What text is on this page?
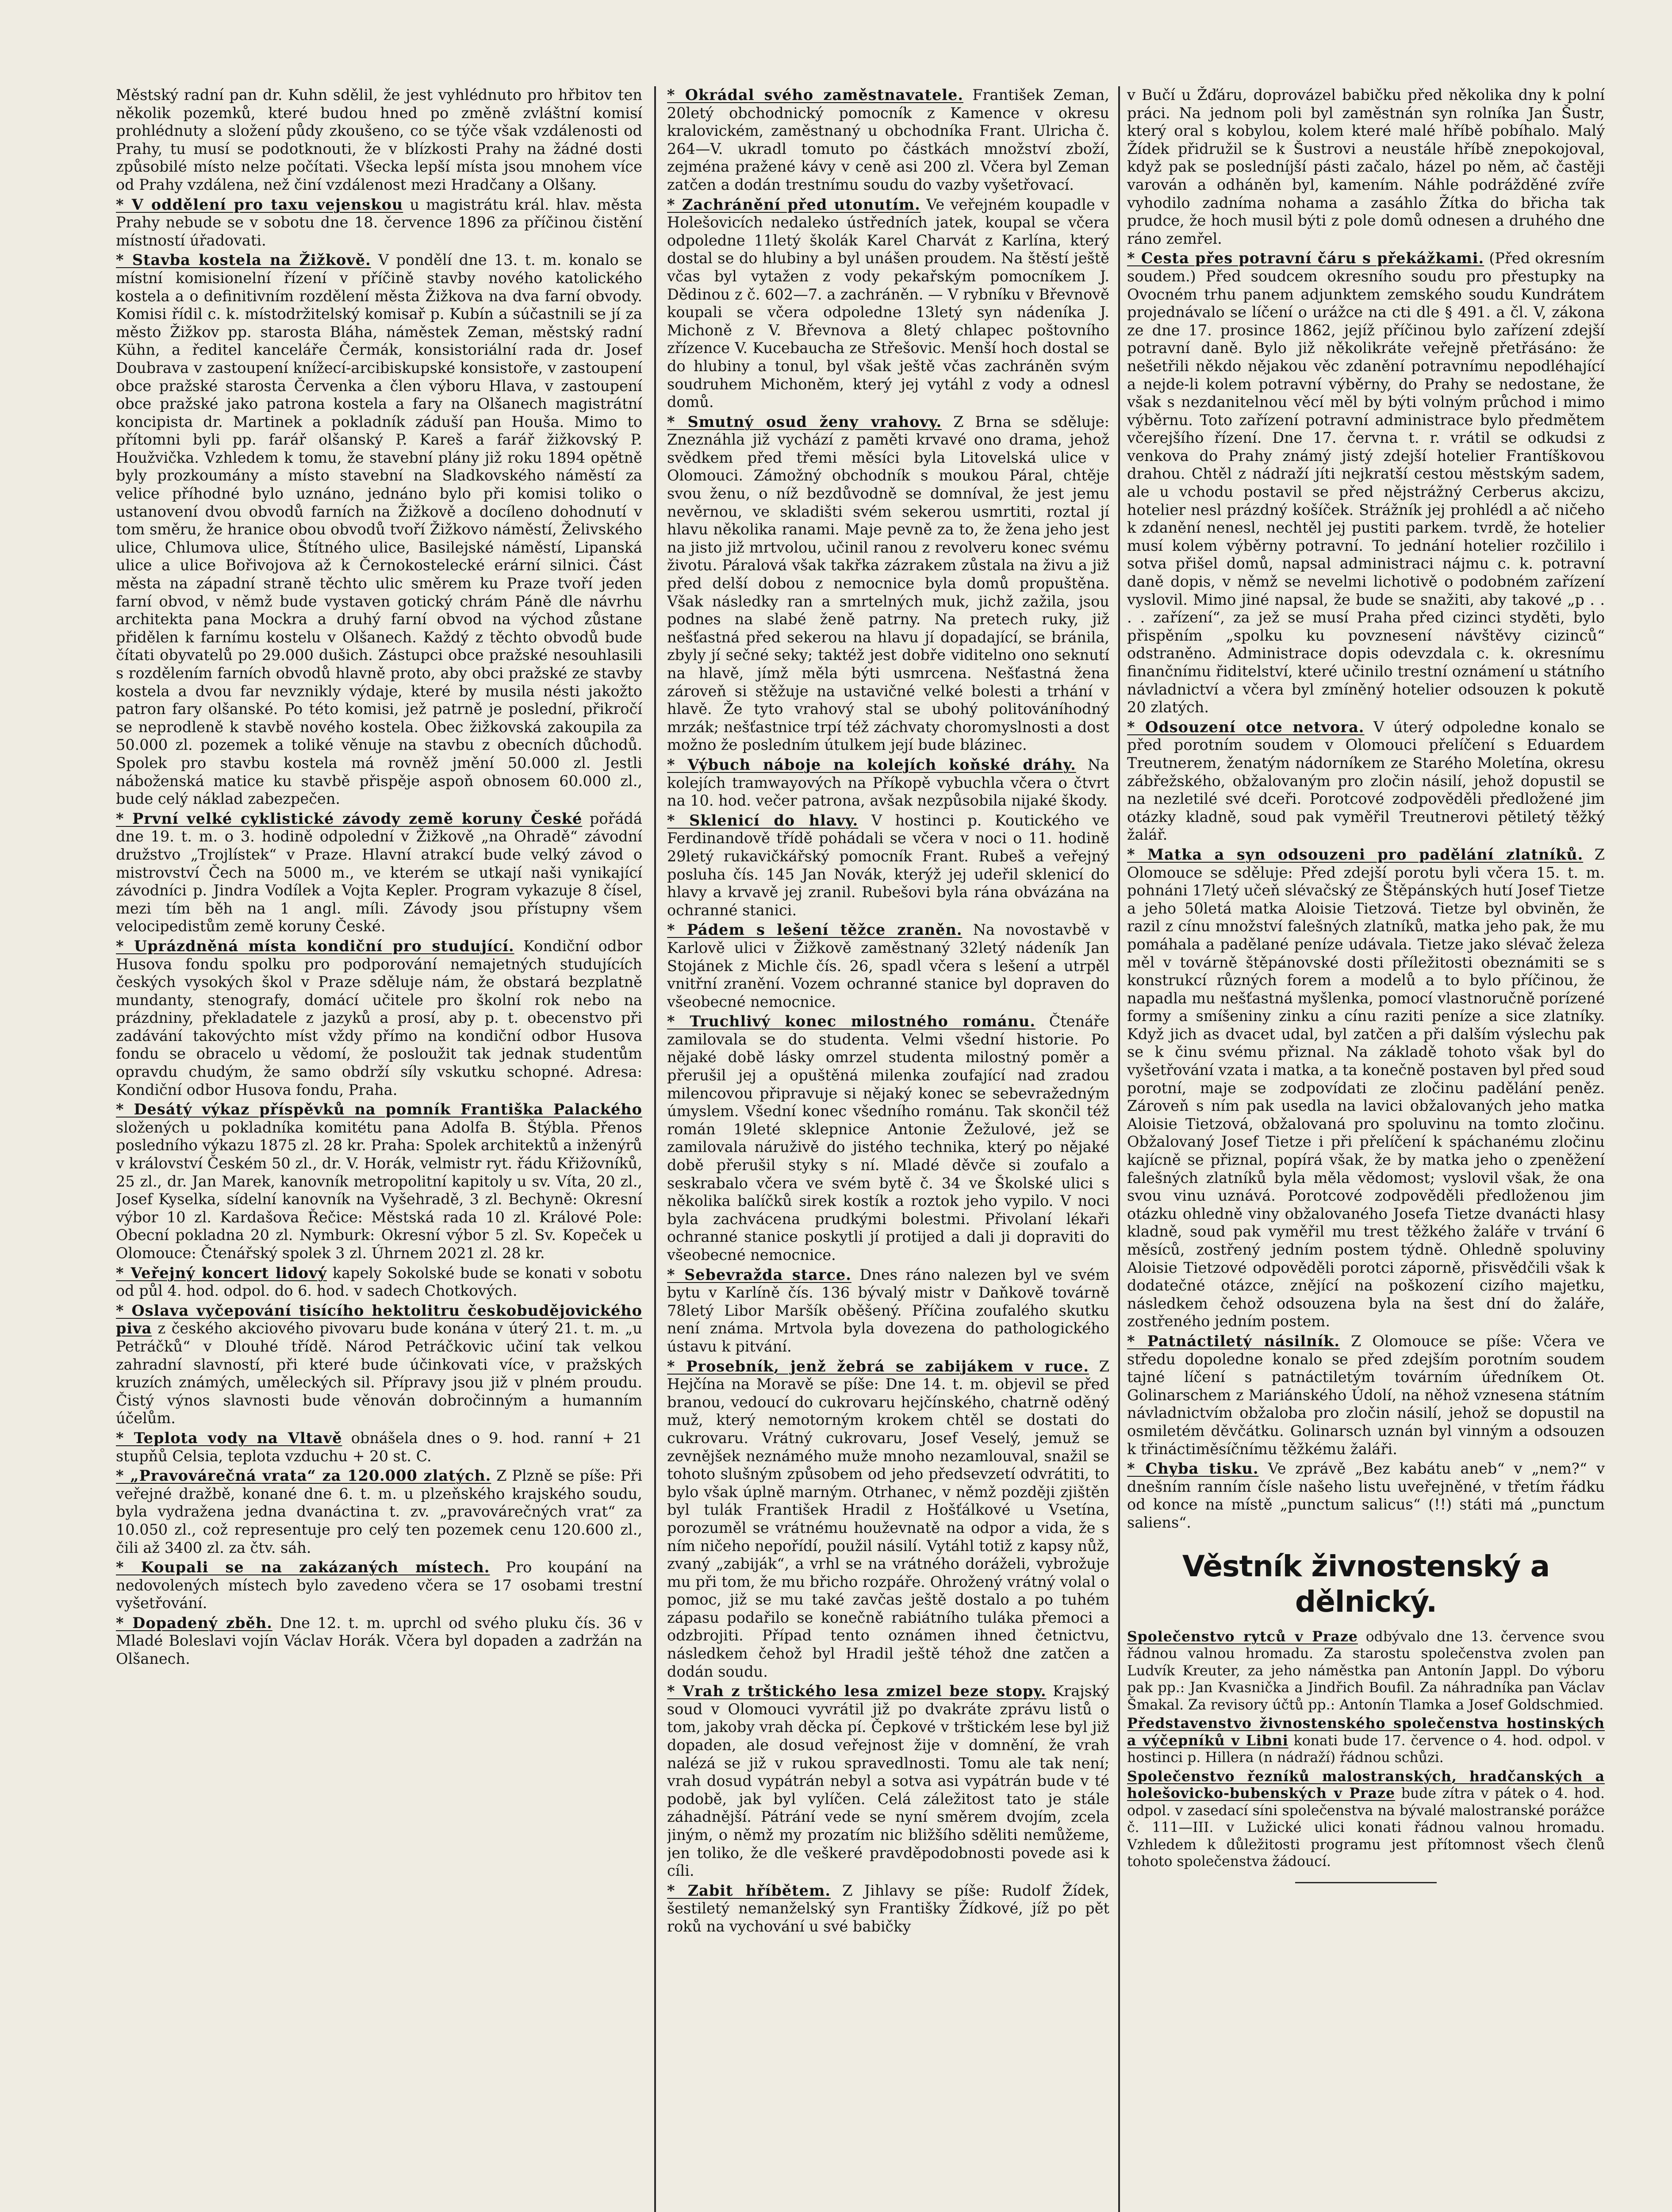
Městský radní pan dr. Kuhn sdělil, že jest vyhlédnuto pro hřbitov ten několik pozemků, které budou hned po změně zvláštní komisí prohlédnuty a složení půdy zkoušeno, co se týče však vzdálenosti od Prahy, tu musí se podotknouti, že v blízkosti Prahy na žádné dosti způsobilé místo nelze počítati. Všecka lepší místa jsou mnohem více od Prahy vzdálena, než činí vzdálenost mezi Hradčany a Olšany.

* V oddělení pro taxu vejenskou u magistrátu král. hlav. města Prahy nebude se v sobotu dne 18. července 1896 za příčinou čistění místností úřadovati.

* Stavba kostela na Žižkově. V pondělí dne 13. t. m. konalo se místní komisionelní řízení v příčině stavby nového katolického kostela a o definitivním rozdělení města Žižkova na dva farní obvody. Komisi řídil c. k. místodržitelský komisař p. Kubín a súčastnili se jí za město Žižkov pp. starosta Bláha, náměstek Zeman, městský radní Kühn, a ředitel kanceláře Čermák, konsistoriální rada dr. Josef Doubrava v zastoupení knížecí-arcibiskupské konsistoře, v zastoupení obce pražské starosta Červenka a člen výboru Hlava, v zastoupení obce pražské jako patrona kostela a fary na Olšanech magistrátní koncipista dr. Martinek a pokladník záduší pan Houša. Mimo to přítomni byli pp. farář olšanský P. Kareš a farář žižkovský P. Houžvička. Vzhledem k tomu, že stavební plány již roku 1894 opětně byly prozkoumány a místo stavební na Sladkovského náměstí za velice příhodné bylo uznáno, jednáno bylo při komisi toliko o ustanovení dvou obvodů farních na Žižkově a docíleno dohodnutí v tom směru, že hranice obou obvodů tvoří Žižkovo náměstí, Želivského ulice, Chlumova ulice, Štítného ulice, Basilejské náměstí, Lipanská ulice a ulice Bořivojova až k Černokostelecké erární silnici. Část města na západní straně těchto ulic směrem ku Praze tvoří jeden farní obvod, v němž bude vystaven gotický chrám Páně dle návrhu architekta pana Mockra a druhý farní obvod na východ zůstane přidělen k farnímu kostelu v Olšanech. Každý z těchto obvodů bude čítati obyvatelů po 29.000 dušich. Zástupci obce pražské nesouhlasili s rozdělením farních obvodů hlavně proto, aby obci pražské ze stavby kostela a dvou far nevznikly výdaje, které by musila nésti jakožto patron fary olšanské. Po této komisi, jež patrně je poslední, přikročí se neprodleně k stavbě nového kostela. Obec žižkovská zakoupila za 50.000 zl. pozemek a toliké věnuje na stavbu z obecních důchodů. Spolek pro stavbu kostela má rovněž jmění 50.000 zl. Jestli náboženská matice ku stavbě přispěje aspoň obnosem 60.000 zl., bude celý náklad zabezpečen.

* První velké cyklistické závody země koruny České pořádá dne 19. t. m. o 3. hodině odpolední v Žižkově „na Ohradě“ závodní družstvo „Trojlístek“ v Praze. Hlavní atrakcí bude velký závod o mistrovství Čech na 5000 m., ve kterém se utkají naši vynikající závodníci p. Jindra Vodílek a Vojta Kepler. Program vykazuje 8 čísel, mezi tím běh na 1 angl. míli. Závody jsou přístupny všem velocipedistům země koruny České.

* Uprázdněná místa kondiční pro studující. Kondiční odbor Husova fondu spolku pro podporování nemajetných studujících českých vysokých škol v Praze sděluje nám, že obstará bezplatně mundanty, stenografy, domácí učitele pro školní rok nebo na prázdniny, překladatele z jazyků a prosí, aby p. t. obecenstvo při zadávání takovýchto míst vždy přímo na kondiční odbor Husova fondu se obracelo u vědomí, že posloužit tak jednak studentům opravdu chudým, že samo obdrží síly vskutku schopné. Adresa: Kondiční odbor Husova fondu, Praha.

* Desátý výkaz příspěvků na pomník Františka Palackého složených u pokladníka komitétu pana Adolfa B. Štýbla. Přenos posledního výkazu 1875 zl. 28 kr. Praha: Spolek architektů a inženýrů v království Českém 50 zl., dr. V. Horák, velmistr ryt. řádu Křižovníků, 25 zl., dr. Jan Marek, kanovník metropolitní kapitoly u sv. Víta, 20 zl., Josef Kyselka, sídelní kanovník na Vyšehradě, 3 zl. Bechyně: Okresní výbor 10 zl. Kardašova Řečice: Městská rada 10 zl. Králové Pole: Obecní pokladna 20 zl. Nymburk: Okresní výbor 5 zl. Sv. Kopeček u Olomouce: Čtenářský spolek 3 zl. Úhrnem 2021 zl. 28 kr.

* Veřejný koncert lidový kapely Sokolské bude se konati v sobotu od půl 4. hod. odpol. do 6. hod. v sadech Chotkových.

* Oslava vyčepování tisícího hektolitru českobudějovického piva z českého akciového pivovaru bude konána v úterý 21. t. m. „u Petráčků“ v Dlouhé třídě. Národ Petráčkovic učiní tak velkou zahradní slavností, při které bude účinkovati více, v pražských kruzích známých, uměleckých sil. Přípravy jsou již v plném proudu. Čistý výnos slavnosti bude věnován dobročinným a humanním účelům.

* Teplota vody na Vltavě obnášela dnes o 9. hod. ranní + 21 stupňů Celsia, teplota vzduchu + 20 st. C.

* „Pravovárečná vrata“ za 120.000 zlatých. Z Plzně se píše: Při veřejné dražbě, konané dne 6. t. m. u plzeňského krajského soudu, byla vydražena jedna dvanáctina t. zv. „pravovárečných vrat“ za 10.050 zl., což representuje pro celý ten pozemek cenu 120.600 zl., čili až 3400 zl. za čtv. sáh.

* Koupali se na zakázaných místech. Pro koupání na nedovolených místech bylo zavedeno včera se 17 osobami trestní vyšetřování.

* Dopadený zběh. Dne 12. t. m. uprchl od svého pluku čís. 36 v Mladé Boleslavi vojín Václav Horák. Včera byl dopaden a zadržán na Olšanech.

* Okrádal svého zaměstnavatele. František Zeman, 20letý obchodnický pomocník z Kamence v okresu kralovickém, zaměstnaný u obchodníka Frant. Ulricha č. 264—V. ukradl tomuto po částkách množství zboží, zejména pražené kávy v ceně asi 200 zl. Včera byl Zeman zatčen a dodán trestnímu soudu do vazby vyšetřovací.

* Zachránění před utonutím. Ve veřejném koupadle v Holešovicích nedaleko ústředních jatek, koupal se včera odpoledne 11letý školák Karel Charvát z Karlína, který dostal se do hlubiny a byl unášen proudem. Na štěstí ještě včas byl vytažen z vody pekařským pomocníkem J. Dědinou z č. 602—7. a zachráněn. — V rybníku v Břevnově koupali se včera odpoledne 13letý syn nádeníka J. Michoně z V. Břevnova a 8letý chlapec poštovního zřízence V. Kucebaucha ze Střešovic. Menší hoch dostal se do hlubiny a tonul, byl však ještě včas zachráněn svým soudruhem Michoněm, který jej vytáhl z vody a odnesl domů.

* Smutný osud ženy vrahovy. Z Brna se sděluje: Zneznáhla již vychází z paměti krvavé ono drama, jehož svědkem před třemi měsíci byla Litovelská ulice v Olomouci. Zámožný obchodník s moukou Páral, chtěje svou ženu, o níž bezdůvodně se domníval, že jest jemu nevěrnou, ve skladišti svém sekerou usmrtiti, roztal jí hlavu několika ranami. Maje pevně za to, že žena jeho jest na jisto již mrtvolou, učinil ranou z revolveru konec svému životu. Páralová však takřka zázrakem zůstala na živu a již před delší dobou z nemocnice byla domů propuštěna. Však následky ran a smrtelných muk, jichž zažila, jsou podnes na slabé ženě patrny. Na pretech ruky, již nešťastná před sekerou na hlavu jí dopadající, se bránila, zbyly jí sečné seky; taktéž jest dobře viditelno ono seknutí na hlavě, jímž měla býti usmrcena. Nešťastná žena zároveň si stěžuje na ustavičné velké bolesti a trhání v hlavě. Že tyto vrahový stal se ubohý politováníhodný mrzák; nešťastnice trpí též záchvaty choromyslnosti a dost možno že posledním útulkem její bude blázinec.

* Výbuch náboje na kolejích koňské dráhy. Na kolejích tramwayových na Příkopě vybuchla včera o čtvrt na 10. hod. večer patrona, avšak nezpůsobila nijaké škody.

* Sklenicí do hlavy. V hostinci p. Koutického ve Ferdinandově třídě pohádali se včera v noci o 11. hodině 29letý rukavičkářský pomocník Frant. Rubeš a veřejný posluha čís. 145 Jan Novák, kterýž jej udeřil sklenicí do hlavy a krvavě jej zranil. Rubešovi byla rána obvázána na ochranné stanici.

* Pádem s lešení těžce zraněn. Na novostavbě v Karlově ulici v Žižkově zaměstnaný 32letý nádeník Jan Stojánek z Michle čís. 26, spadl včera s lešení a utrpěl vnitřní zranění. Vozem ochranné stanice byl dopraven do všeobecné nemocnice.

* Truchlivý konec milostného románu. Čtenáře zamilovala se do studenta. Velmi všední historie. Po nějaké době lásky omrzel studenta milostný poměr a přerušil jej a opuštěná milenka zoufající nad zradou milencovou připravuje si nějaký konec se sebevražedným úmyslem. Všední konec všedního románu. Tak skončil též román 19leté sklepnice Antonie Žežulové, jež se zamilovala náruživě do jistého technika, který po nějaké době přerušil styky s ní. Mladé děvče si zoufalo a seskrabalo včera ve svém bytě č. 34 ve Školské ulici s několika balíčků sirek kostík a roztok jeho vypilo. V noci byla zachvácena prudkými bolestmi. Přivolaní lékaři ochranné stanice poskytli jí protijed a dali ji dopraviti do všeobecné nemocnice.

* Sebevražda starce. Dnes ráno nalezen byl ve svém bytu v Karlíně čís. 136 bývalý mistr v Daňkově továrně 78letý Libor Maršík oběšený. Příčina zoufalého skutku není známa. Mrtvola byla dovezena do pathologického ústavu k pitvání.

* Prosebník, jenž žebrá se zabijákem v ruce. Z Hejčína na Moravě se píše: Dne 14. t. m. objevil se před branou, vedoucí do cukrovaru hejčínského, chatrně oděný muž, který nemotorným krokem chtěl se dostati do cukrovaru. Vrátný cukrovaru, Josef Veselý, jemuž se zevnějšek neznámého muže mnoho nezamlouval, snažil se tohoto slušným způsobem od jeho předsevzetí odvrátiti, to bylo však úplně marným. Otrhanec, v němž později zjištěn byl tulák František Hradil z Hošťálkové u Vsetína, porozuměl se vrátnému houževnatě na odpor a vida, že s ním ničeho nepořídí, použil násilí. Vytáhl totiž z kapsy nůž, zvaný „zabiják“, a vrhl se na vrátného doráželi, vybrožuje mu při tom, že mu břicho rozpáře. Ohrožený vrátný volal o pomoc, již se mu také zavčas ještě dostalo a po tuhém zápasu podařilo se konečně rabiátního tuláka přemoci a odzbrojiti. Případ tento oznámen ihned četnictvu, následkem čehož byl Hradil ještě téhož dne zatčen a dodán soudu.

* Vrah z trštického lesa zmizel beze stopy. Krajský soud v Olomouci vyvrátil již po dvakráte zprávu listů o tom, jakoby vrah děcka pí. Čepkové v trštickém lese byl již dopaden, ale dosud veřejnost žije v domnění, že vrah nalézá se již v rukou spravedlnosti. Tomu ale tak není; vrah dosud vypátrán nebyl a sotva asi vypátrán bude v té podobě, jak byl vylíčen. Celá záležitost tato je stále záhadnější. Pátrání vede se nyní směrem dvojím, zcela jiným, o němž my prozatím nic bližšího sděliti nemůžeme, jen toliko, že dle veškeré pravděpodobnosti povede asi k cíli.

* Zabit hříbětem. Z Jihlavy se píše: Rudolf Žídek, šestiletý nemanželský syn Františky Žídkové, jíž po pět roků na vychování u své babičky

v Bučí u Žďáru, doprovázel babičku před několika dny k polní práci. Na jednom poli byl zaměstnán syn rolníka Jan Šustr, který oral s kobylou, kolem které malé hříbě pobíhalo. Malý Žídek přidružil se k Šustrovi a neustále hříbě znepokojoval, když pak se posledníjší pásti začalo, házel po něm, ač častěji varován a odháněn byl, kamením. Náhle podrážděné zvíře vyhodilo zadníma nohama a zasáhlo Žítka do břicha tak prudce, že hoch musil býti z pole domů odnesen a druhého dne ráno zemřel.

* Cesta přes potravní čáru s překážkami. (Před okresním soudem.) Před soudcem okresního soudu pro přestupky na Ovocném trhu panem adjunktem zemského soudu Kundrátem projednávalo se líčení o urážce na cti dle § 491. a čl. V, zákona ze dne 17. prosince 1862, jejíž příčinou bylo zařízení zdejší potravní daně. Bylo již několikráte veřejně přetřásáno: že nešetřili někdo nějakou věc zdanění potravnímu nepodléhající a nejde-li kolem potravní výběrny, do Prahy se nedostane, že však s nezdanitelnou věcí měl by býti volným průchod i mimo výběrnu. Toto zařízení potravní administrace bylo předmětem včerejšího řízení. Dne 17. června t. r. vrátil se odkudsi z venkova do Prahy známý jistý zdejší hotelier Frantíškovou drahou. Chtěl z nádraží jíti nejkratší cestou městským sadem, ale u vchodu postavil se před nějstrážný Cerberus akcizu, hotelier nesl prázdný košíček. Strážník jej prohlédl a ač ničeho k zdanění nenesl, nechtěl jej pustiti parkem. tvrdě, že hotelier musí kolem výběrny potravní. To jednání hotelier rozčililo i sotva přišel domů, napsal administraci nájmu c. k. potravní daně dopis, v němž se nevelmi lichotivě o podobném zařízení vyslovil. Mimo jiné napsal, že bude se snažiti, aby takové „p . . . . zařízení“, za jež se musí Praha před cizinci styděti, bylo přispěním „spolku ku povznesení návštěvy cizinců“ odstraněno. Administrace dopis odevzdala c. k. okresnímu finančnímu řiditelství, které učinilo trestní oznámení u státního návladnictví a včera byl zmíněný hotelier odsouzen k pokutě 20 zlatých.

* Odsouzení otce netvora. V úterý odpoledne konalo se před porotním soudem v Olomouci přelíčení s Eduardem Treutnerem, ženatým nádorníkem ze Starého Moletína, okresu zábřežského, obžalovaným pro zločin násilí, jehož dopustil se na nezletilé své dceři. Porotcové zodpověděli předložené jim otázky kladně, soud pak vyměřil Treutnerovi pětiletý těžký žalář.

* Matka a syn odsouzeni pro padělání zlatníků. Z Olomouce se sděluje: Před zdejší porotu byli včera 15. t. m. pohnáni 17letý učeň slévačský ze Štěpánských hutí Josef Tietze a jeho 50letá matka Aloisie Tietzová. Tietze byl obviněn, že razil z cínu množství falešných zlatníků, matka jeho pak, že mu pomáhala a padělané peníze udávala. Tietze jako slévač železa měl v továrně štěpánovské dosti příležitosti obeznámiti se s konstrukcí různých forem a modelů a to bylo příčinou, že napadla mu nešťastná myšlenka, pomocí vlastnoručně porízené formy a smíšeniny zinku a cínu raziti peníze a sice zlatníky. Když jich as dvacet udal, byl zatčen a při dalším výslechu pak se k činu svému přiznal. Na základě tohoto však byl do vyšetřování vzata i matka, a ta konečně postaven byl před soud porotní, maje se zodpovídati ze zločinu padělání peněz. Zároveň s ním pak usedla na lavici obžalovaných jeho matka Aloisie Tietzová, obžalovaná pro spoluvinu na tomto zločinu. Obžalovaný Josef Tietze i při přelíčení k spáchanému zločinu kajícně se přiznal, popírá však, že by matka jeho o zpeněžení falešných zlatníků byla měla vědomost; vyslovil však, že ona svou vinu uznává. Porotcové zodpověděli předloženou jim otázku ohledně viny obžalovaného Josefa Tietze dvanácti hlasy kladně, soud pak vyměřil mu trest těžkého žaláře v trvání 6 měsíců, zostřený jedním postem týdně. Ohledně spoluviny Aloisie Tietzové odpověděli porotci záporně, přisvědčili však k dodatečné otázce, znějící na poškození cizího majetku, následkem čehož odsouzena byla na šest dní do žaláře, zostřeného jedním postem.

* Patnáctiletý násilník. Z Olomouce se píše: Včera ve středu dopoledne konalo se před zdejším porotním soudem tajné líčení s patnáctiletým továrním úředníkem Ot. Golinarschem z Mariánského Údolí, na něhož vznesena státním návladnictvím obžaloba pro zločin násilí, jehož se dopustil na osmiletém děvčátku. Golinarsch uznán byl vinným a odsouzen k třináctiměsíčnímu těžkému žaláři.

* Chyba tisku. Ve zprávě „Bez kabátu aneb“ v „nem?“ v dnešním ranním čísle našeho listu uveřejněné, v třetím řádku od konce na místě „punctum salicus“ (!!) státi má „punctum saliens“.

Věstník živnostenský a dělnický.

Společenstvo rytců v Praze odbývalo dne 13. července svou řádnou valnou hromadu. Za starostu společenstva zvolen pan Ludvík Kreuter, za jeho náměstka pan Antonín Jappl. Do výboru pak pp.: Jan Kvasnička a Jindřich Boufil. Za náhradníka pan Václav Šmakal. Za revisory účtů pp.: Antonín Tlamka a Josef Goldschmied.

Představenstvo živnostenského společenstva hostinských a výčepníků v Libni konati bude 17. července o 4. hod. odpol. v hostinci p. Hillera (n nádraží) řádnou schůzi.

Společenstvo řezníků malostranských, hradčanských a holešovicko-bubenských v Praze bude zítra v pátek o 4. hod. odpol. v zasedací síni společenstva na bývalé malostranské porážce č. 111—III. v Lužické ulici konati řádnou valnou hromadu. Vzhledem k důležitosti programu jest přítomnost všech členů tohoto společenstva žádoucí.
